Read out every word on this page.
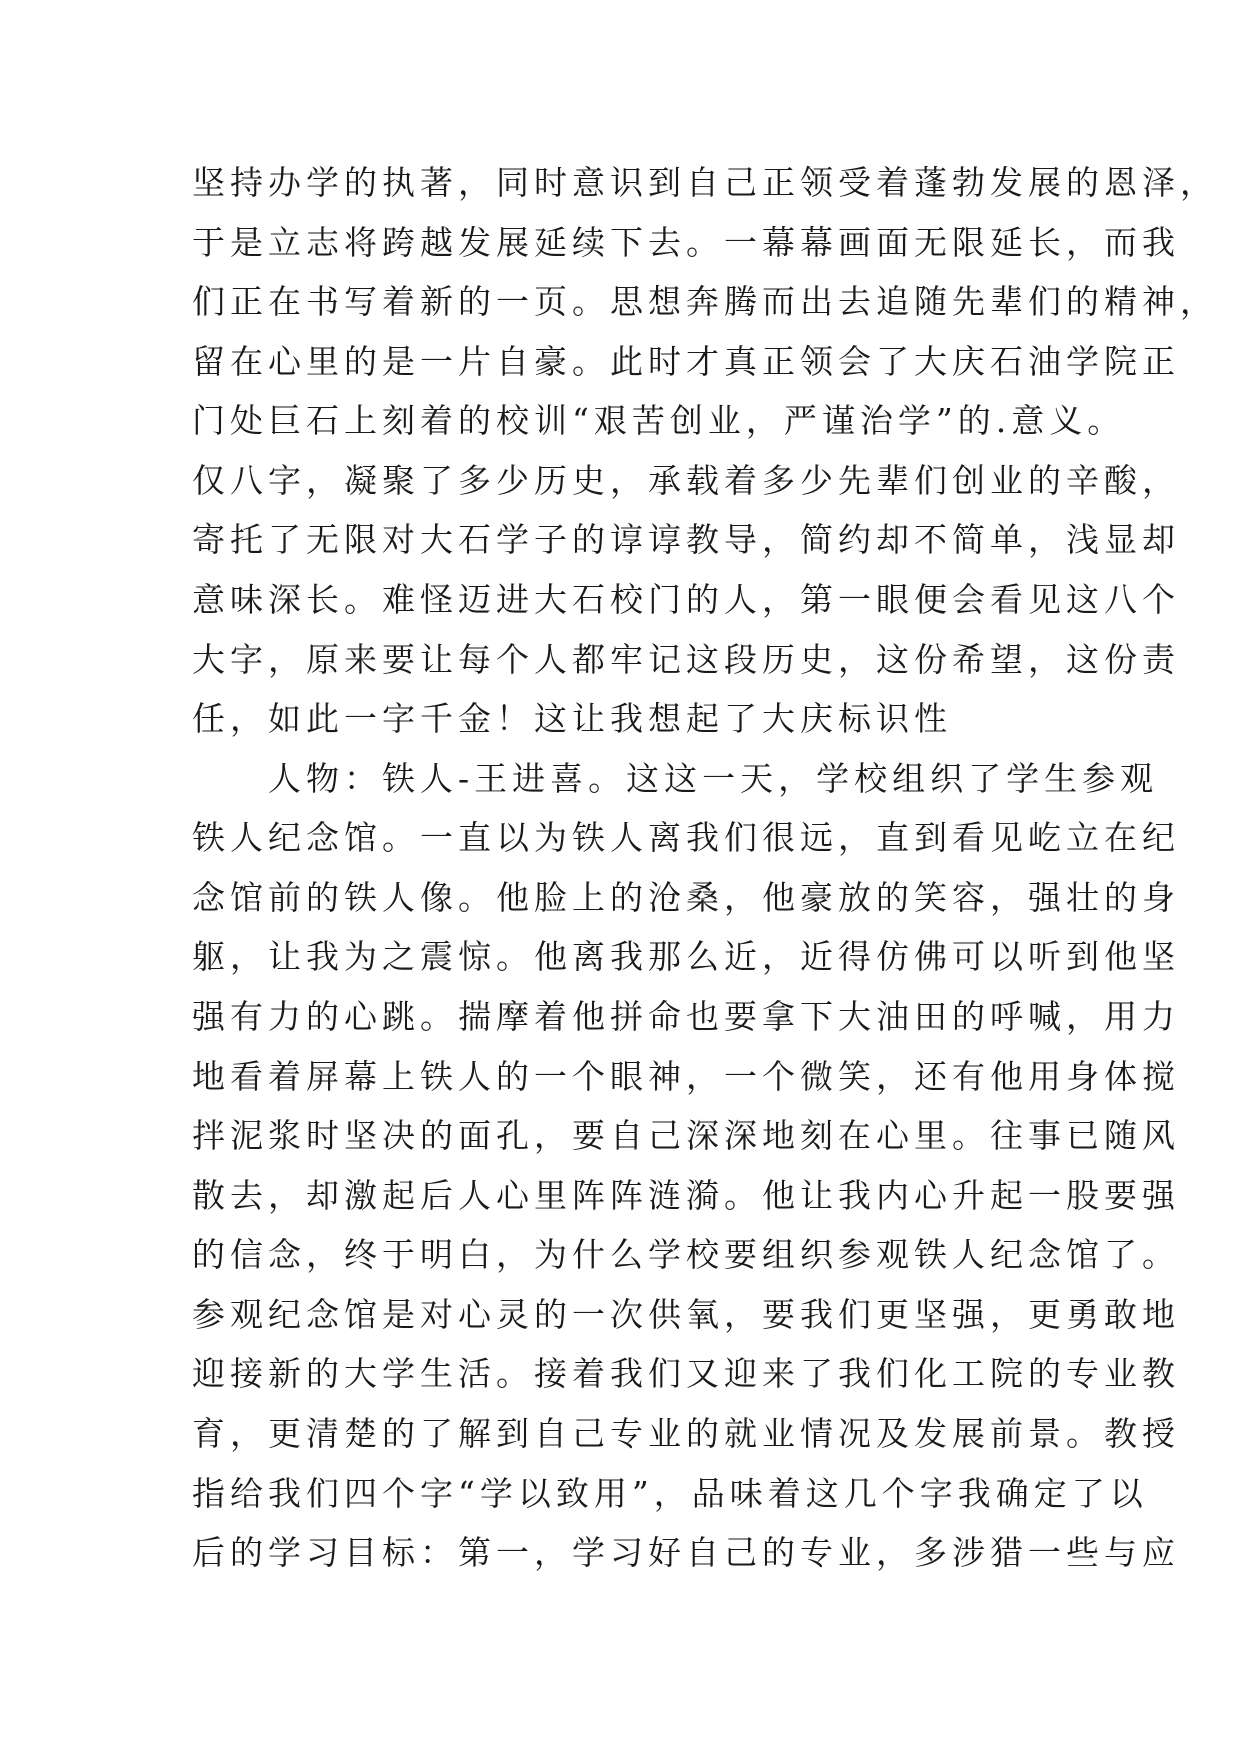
坚持办学的执著，同时意识到自己正领受着蓬勃发展的恩泽，
于是立志将跨越发展延续下去。一幕幕画面无限延长，而我
们正在书写着新的一页。思想奔腾而出去追随先辈们的精神，
留在心里的是一片自豪。此时才真正领会了大庆石油学院正
门处巨石上刻着的校训“艰苦创业，严谨治学”的.意义。
仅八字，凝聚了多少历史，承载着多少先辈们创业的辛酸，
寄托了无限对大石学子的谆谆教导，简约却不简单，浅显却
意味深长。难怪迈进大石校门的人，第一眼便会看见这八个
大字，原来要让每个人都牢记这段历史，这份希望，这份责
任，如此一字千金！这让我想起了大庆标识性
　　人物：铁人-王进喜。这这一天，学校组织了学生参观
铁人纪念馆。一直以为铁人离我们很远，直到看见屹立在纪
念馆前的铁人像。他脸上的沧桑，他豪放的笑容，强壮的身
躯，让我为之震惊。他离我那么近，近得仿佛可以听到他坚
强有力的心跳。揣摩着他拼命也要拿下大油田的呼喊，用力
地看着屏幕上铁人的一个眼神，一个微笑，还有他用身体搅
拌泥浆时坚决的面孔，要自己深深地刻在心里。往事已随风
散去，却激起后人心里阵阵涟漪。他让我内心升起一股要强
的信念，终于明白，为什么学校要组织参观铁人纪念馆了。
参观纪念馆是对心灵的一次供氧，要我们更坚强，更勇敢地
迎接新的大学生活。接着我们又迎来了我们化工院的专业教
育，更清楚的了解到自己专业的就业情况及发展前景。教授
指给我们四个字“学以致用”，品味着这几个字我确定了以
后的学习目标：第一，学习好自己的专业，多涉猎一些与应
